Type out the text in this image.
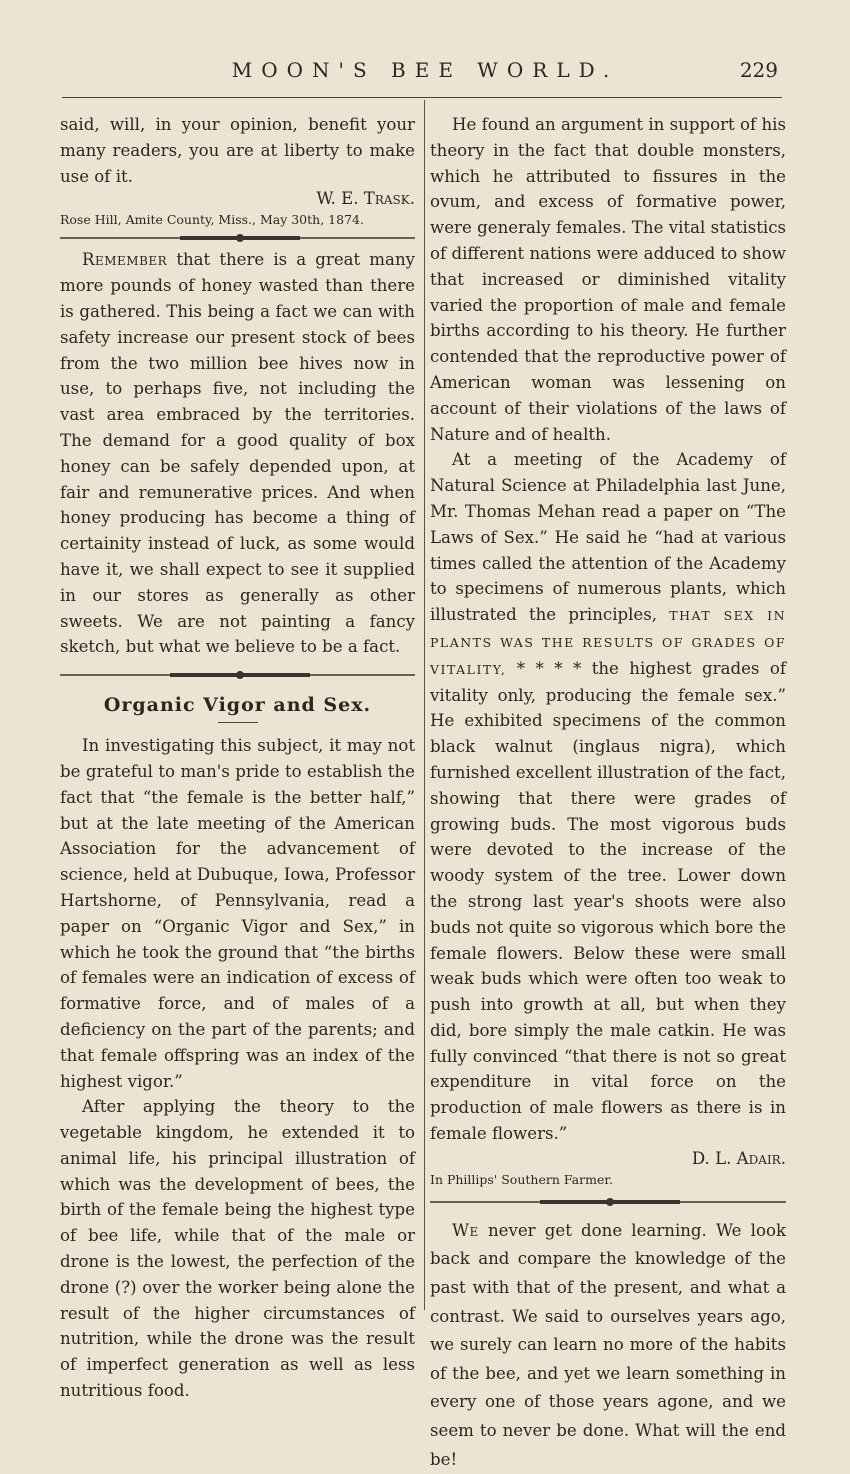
MOON'S BEE WORLD.	229

said, will, in your opinion, benefit your many readers, you are at liberty to make use of it.

W. E. Trask.

Rose Hill, Amite County, Miss., May 30th, 1874.

Remember that there is a great many more pounds of honey wasted than there is gathered. This being a fact we can with safety increase our present stock of bees from the two million bee hives now in use, to perhaps five, not including the vast area embraced by the territories. The demand for a good quality of box honey can be safely depended upon, at fair and remunerative prices. And when honey producing has become a thing of certainity instead of luck, as some would have it, we shall expect to see it supplied in our stores as generally as other sweets. We are not painting a fancy sketch, but what we believe to be a fact.

Organic Vigor and Sex.

In investigating this subject, it may not be grateful to man's pride to establish the fact that “the female is the better half,” but at the late meeting of the American Association for the advancement of science, held at Dubuque, Iowa, Professor Hartshorne, of Pennsylvania, read a paper on “Organic Vigor and Sex,” in which he took the ground that “the births of females were an indication of excess of formative force, and of males of a deficiency on the part of the parents; and that female offspring was an index of the highest vigor.”

After applying the theory to the vegetable kingdom, he extended it to animal life, his principal illustration of which was the development of bees, the birth of the female being the highest type of bee life, while that of the male or drone is the lowest, the perfection of the drone (?) over the worker being alone the result of the higher circumstances of nutrition, while the drone was the result of imperfect generation as well as less nutritious food.

He found an argument in support of his theory in the fact that double monsters, which he attributed to fissures in the ovum, and excess of formative power, were generaly females. The vital statistics of different nations were adduced to show that increased or diminished vitality varied the proportion of male and female births according to his theory. He further contended that the reproductive power of American woman was lessening on account of their violations of the laws of Nature and of health.

At a meeting of the Academy of Natural Science at Philadelphia last June, Mr. Thomas Mehan read a paper on “The Laws of Sex.” He said he “had at various times called the attention of the Academy to specimens of numerous plants, which illustrated the principles, THAT SEX IN PLANTS WAS THE RESULTS OF GRADES OF VITALITY, * * * * the highest grades of vitality only, producing the female sex.” He exhibited specimens of the common black walnut (inglaus nigra), which furnished excellent illustration of the fact, showing that there were grades of growing buds. The most vigorous buds were devoted to the increase of the woody system of the tree. Lower down the strong last year's shoots were also buds not quite so vigorous which bore the female flowers. Below these were small weak buds which were often too weak to push into growth at all, but when they did, bore simply the male catkin. He was fully convinced “that there is not so great expenditure in vital force on the production of male flowers as there is in female flowers.”

D. L. Adair.

In Phillips' Southern Farmer.

We never get done learning. We look back and compare the knowledge of the past with that of the present, and what a contrast. We said to ourselves years ago, we surely can learn no more of the habits of the bee, and yet we learn something in every one of those years agone, and we seem to never be done. What will the end be!
